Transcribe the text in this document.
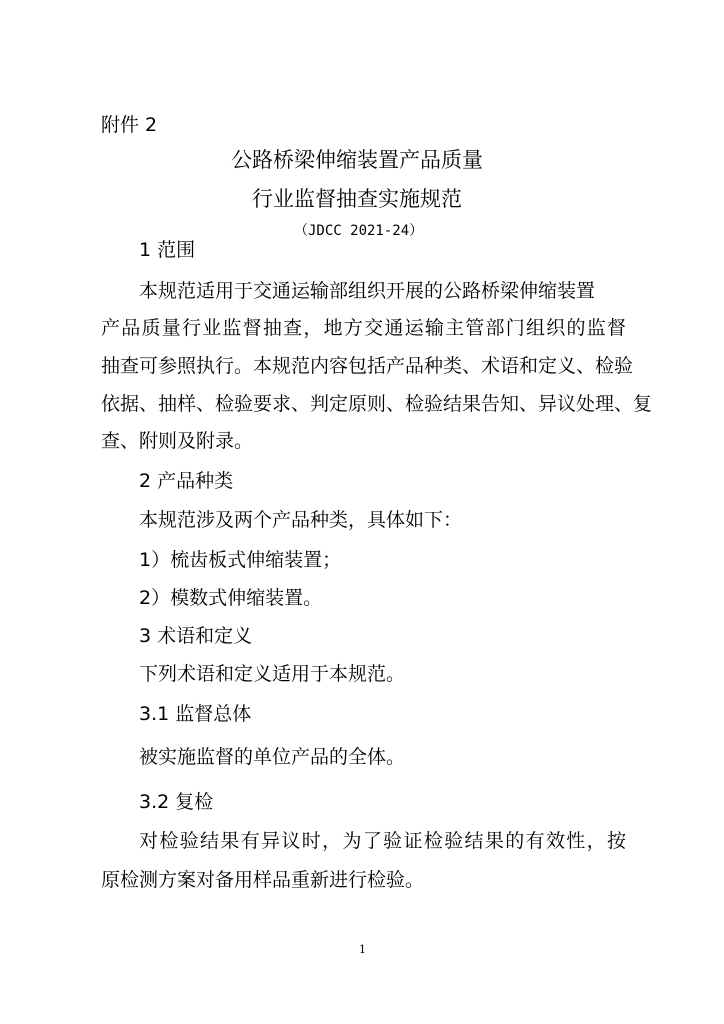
附件 2
公路桥梁伸缩装置产品质量
行业监督抽查实施规范
（JDCC 2021-24）
1 范围
本规范适用于交通运输部组织开展的公路桥梁伸缩装置
产品质量行业监督抽查，地方交通运输主管部门组织的监督
抽查可参照执行。本规范内容包括产品种类、术语和定义、检验
依据、抽样、检验要求、判定原则、检验结果告知、异议处理、复
查、附则及附录。
2 产品种类
本规范涉及两个产品种类，具体如下：
1）梳齿板式伸缩装置；
2）模数式伸缩装置。
3 术语和定义
下列术语和定义适用于本规范。
3.1 监督总体
被实施监督的单位产品的全体。
3.2 复检
对检验结果有异议时，为了验证检验结果的有效性，按
原检测方案对备用样品重新进行检验。
1
